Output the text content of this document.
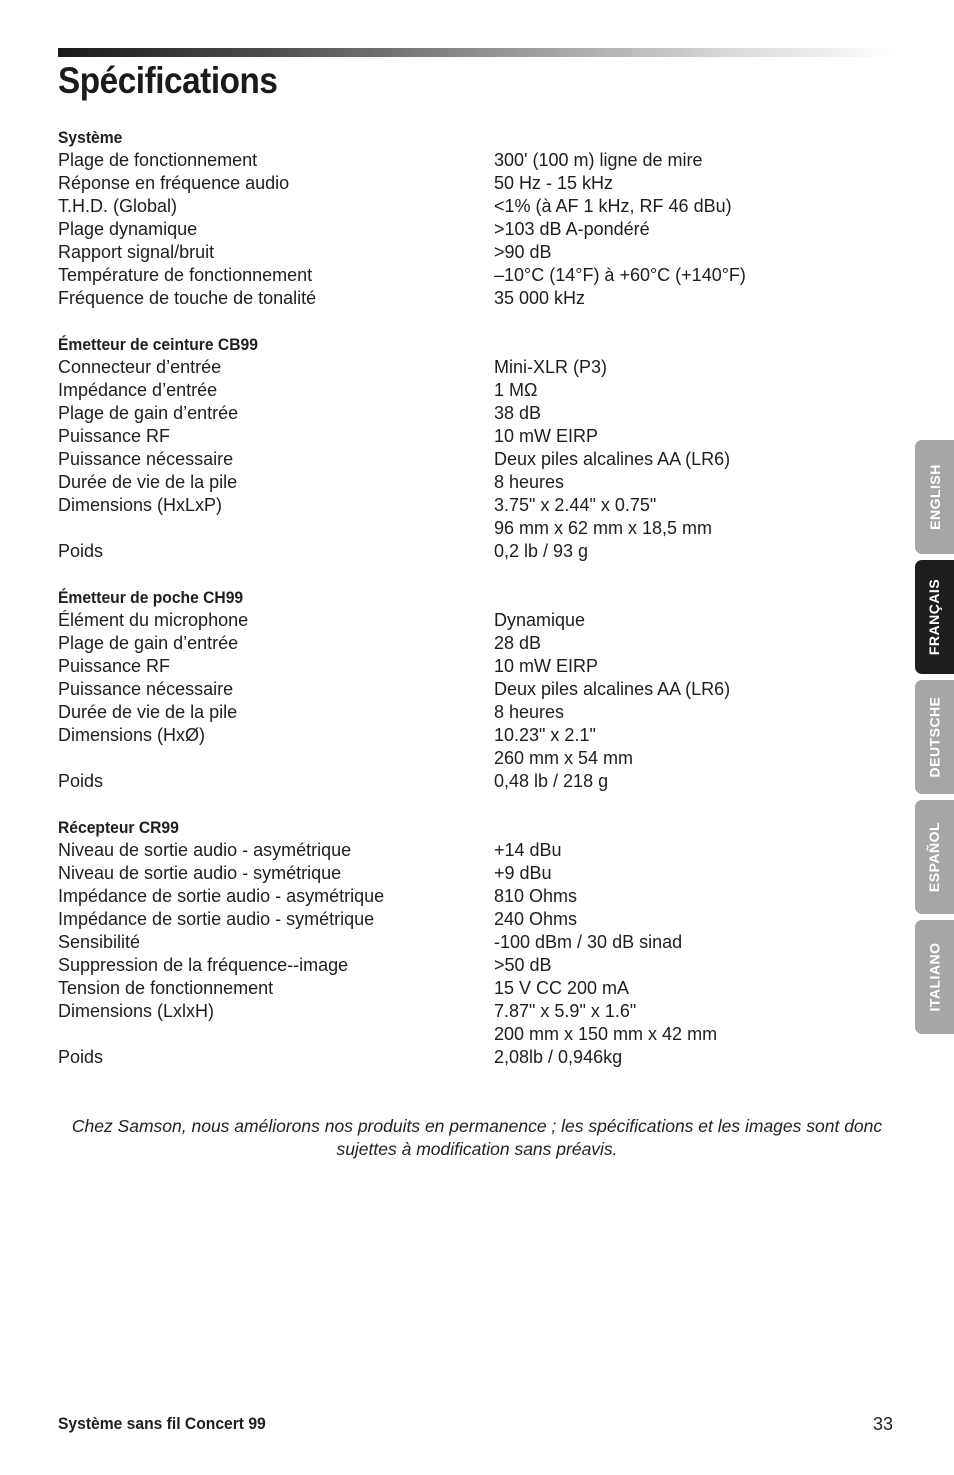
Spécifications
Système
Plage de fonctionnement	300' (100 m) ligne de mire
Réponse en fréquence audio	50 Hz - 15 kHz
T.H.D. (Global)	<1% (à AF 1 kHz, RF 46 dBu)
Plage dynamique	>103 dB A-pondéré
Rapport signal/bruit	>90 dB
Température de fonctionnement	–10°C (14°F) à +60°C (+140°F)
Fréquence de touche de tonalité	35 000 kHz
Émetteur de ceinture CB99
Connecteur d’entrée	Mini-XLR (P3)
Impédance d’entrée	1 MΩ
Plage de gain d’entrée	38 dB
Puissance RF	10 mW EIRP
Puissance nécessaire	Deux piles alcalines AA (LR6)
Durée de vie de la pile	8 heures
Dimensions (HxLxP)	3.75" x 2.44" x 0.75"
96 mm x 62 mm x 18,5 mm
Poids	0,2 lb / 93 g
Émetteur de poche CH99
Élément du microphone	Dynamique
Plage de gain d’entrée	28 dB
Puissance RF	10 mW EIRP
Puissance nécessaire	Deux piles alcalines AA (LR6)
Durée de vie de la pile	8 heures
Dimensions (HxØ)	10.23" x 2.1"
260 mm x 54 mm
Poids	0,48 lb / 218 g
Récepteur CR99
Niveau de sortie audio - asymétrique	+14 dBu
Niveau de sortie audio - symétrique	+9 dBu
Impédance de sortie audio - asymétrique	810 Ohms
Impédance de sortie audio - symétrique	240 Ohms
Sensibilité	-100 dBm / 30 dB sinad
Suppression de la fréquence--image	>50 dB
Tension de fonctionnement	15 V CC 200 mA
Dimensions (LxlxH)	7.87" x 5.9" x 1.6"
200 mm x 150 mm x 42 mm
Poids	2,08lb / 0,946kg

Chez Samson, nous améliorons nos produits en permanence ; les spécifications et les images sont donc sujettes à modification sans préavis.

ENGLISH
FRANÇAIS
DEUTSCHE
ESPAÑOL
ITALIANO
Système sans fil Concert 99	33
